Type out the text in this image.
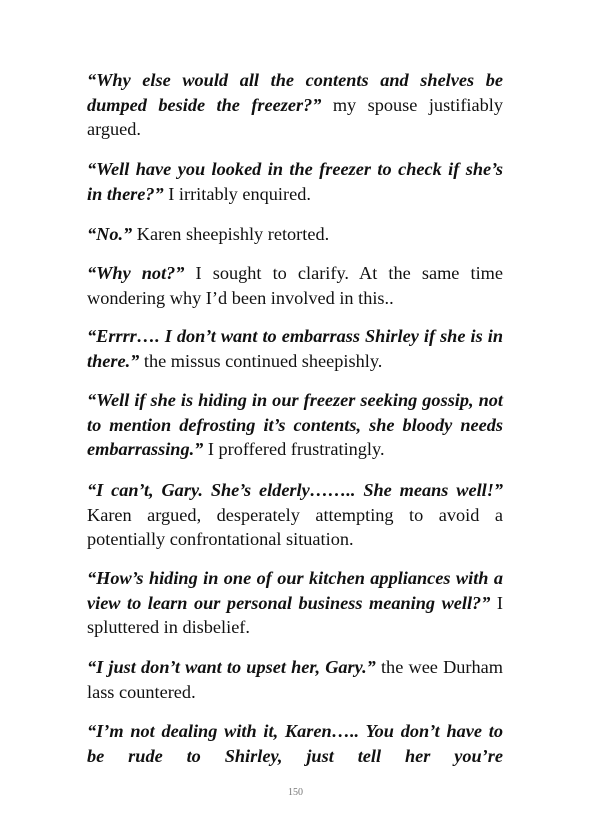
“Why else would all the contents and shelves be dumped beside the freezer?” my spouse justifiably argued.

“Well have you looked in the freezer to check if she’s in there?” I irritably enquired.

“No.” Karen sheepishly retorted.

“Why not?” I sought to clarify. At the same time wondering why I’d been involved in this..

“Errrr…. I don’t want to embarrass Shirley if she is in there.” the missus continued sheepishly.

“Well if she is hiding in our freezer seeking gossip, not to mention defrosting it’s contents, she bloody needs embarrassing.” I proffered frustratingly.

“I can’t, Gary. She’s elderly…….. She means well!” Karen argued, desperately attempting to avoid a potentially confrontational situation.

“How’s hiding in one of our kitchen appliances with a view to learn our personal business meaning well?” I spluttered in disbelief.

“I just don’t want to upset her, Gary.” the wee Durham lass countered.

“I’m not dealing with it, Karen….. You don’t have to be rude to Shirley, just tell her you’re

150
